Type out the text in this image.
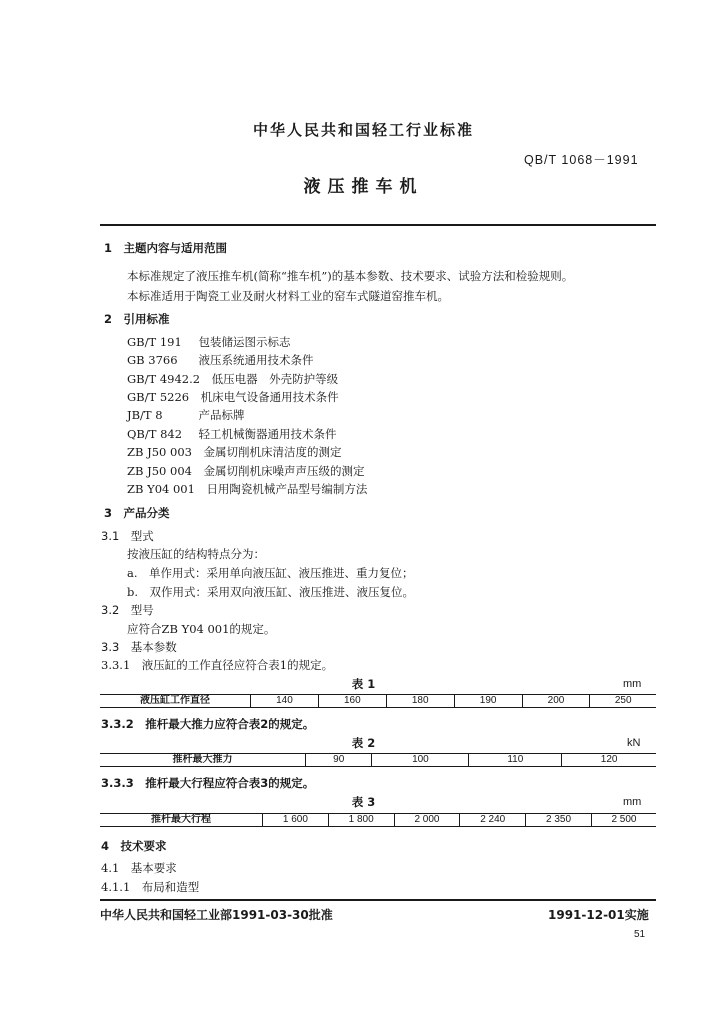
中华人民共和国轻工行业标准
QB/T 1068－1991
液压推车机
1　主题内容与适用范围
本标准规定了液压推车机(简称“推车机”)的基本参数、技术要求、试验方法和检验规则。
本标准适用于陶瓷工业及耐火材料工业的窑车式隧道窑推车机。
2　引用标准
GB/T 191　 包装储运图示标志
GB 3766　 液压系统通用技术条件
GB/T 4942.2　 低压电器　外壳防护等级
GB/T 5226　 机床电气设备通用技术条件
JB/T 8　	产品标牌
QB/T 842　 轻工机械衡器通用技术条件
ZB J50 003　 金属切削机床清洁度的测定
ZB J50 004　 金属切削机床噪声声压级的测定
ZB Y04 001　 日用陶瓷机械产品型号编制方法
3　产品分类
3.1　型式
按液压缸的结构特点分为：
a.　单作用式：采用单向液压缸、液压推进、重力复位；
b.　双作用式：采用双向液压缸、液压推进、液压复位。
3.2　型号
应符合ZB Y04 001的规定。
3.3　基本参数
3.3.1　液压缸的工作直径应符合表1的规定。
表 1	mm
液压缸工作直径	140	160	180	190	200	250
3.3.2　推杆最大推力应符合表2的规定。
表 2	kN
推杆最大推力	90	100	110	120
3.3.3　推杆最大行程应符合表3的规定。
表 3	mm
推杆最大行程	1 600	1 800	2 000	2 240	2 350	2 500
4　技术要求
4.1　基本要求
4.1.1　布局和造型
中华人民共和国轻工业部1991-03-30批准	1991-12-01实施
51
